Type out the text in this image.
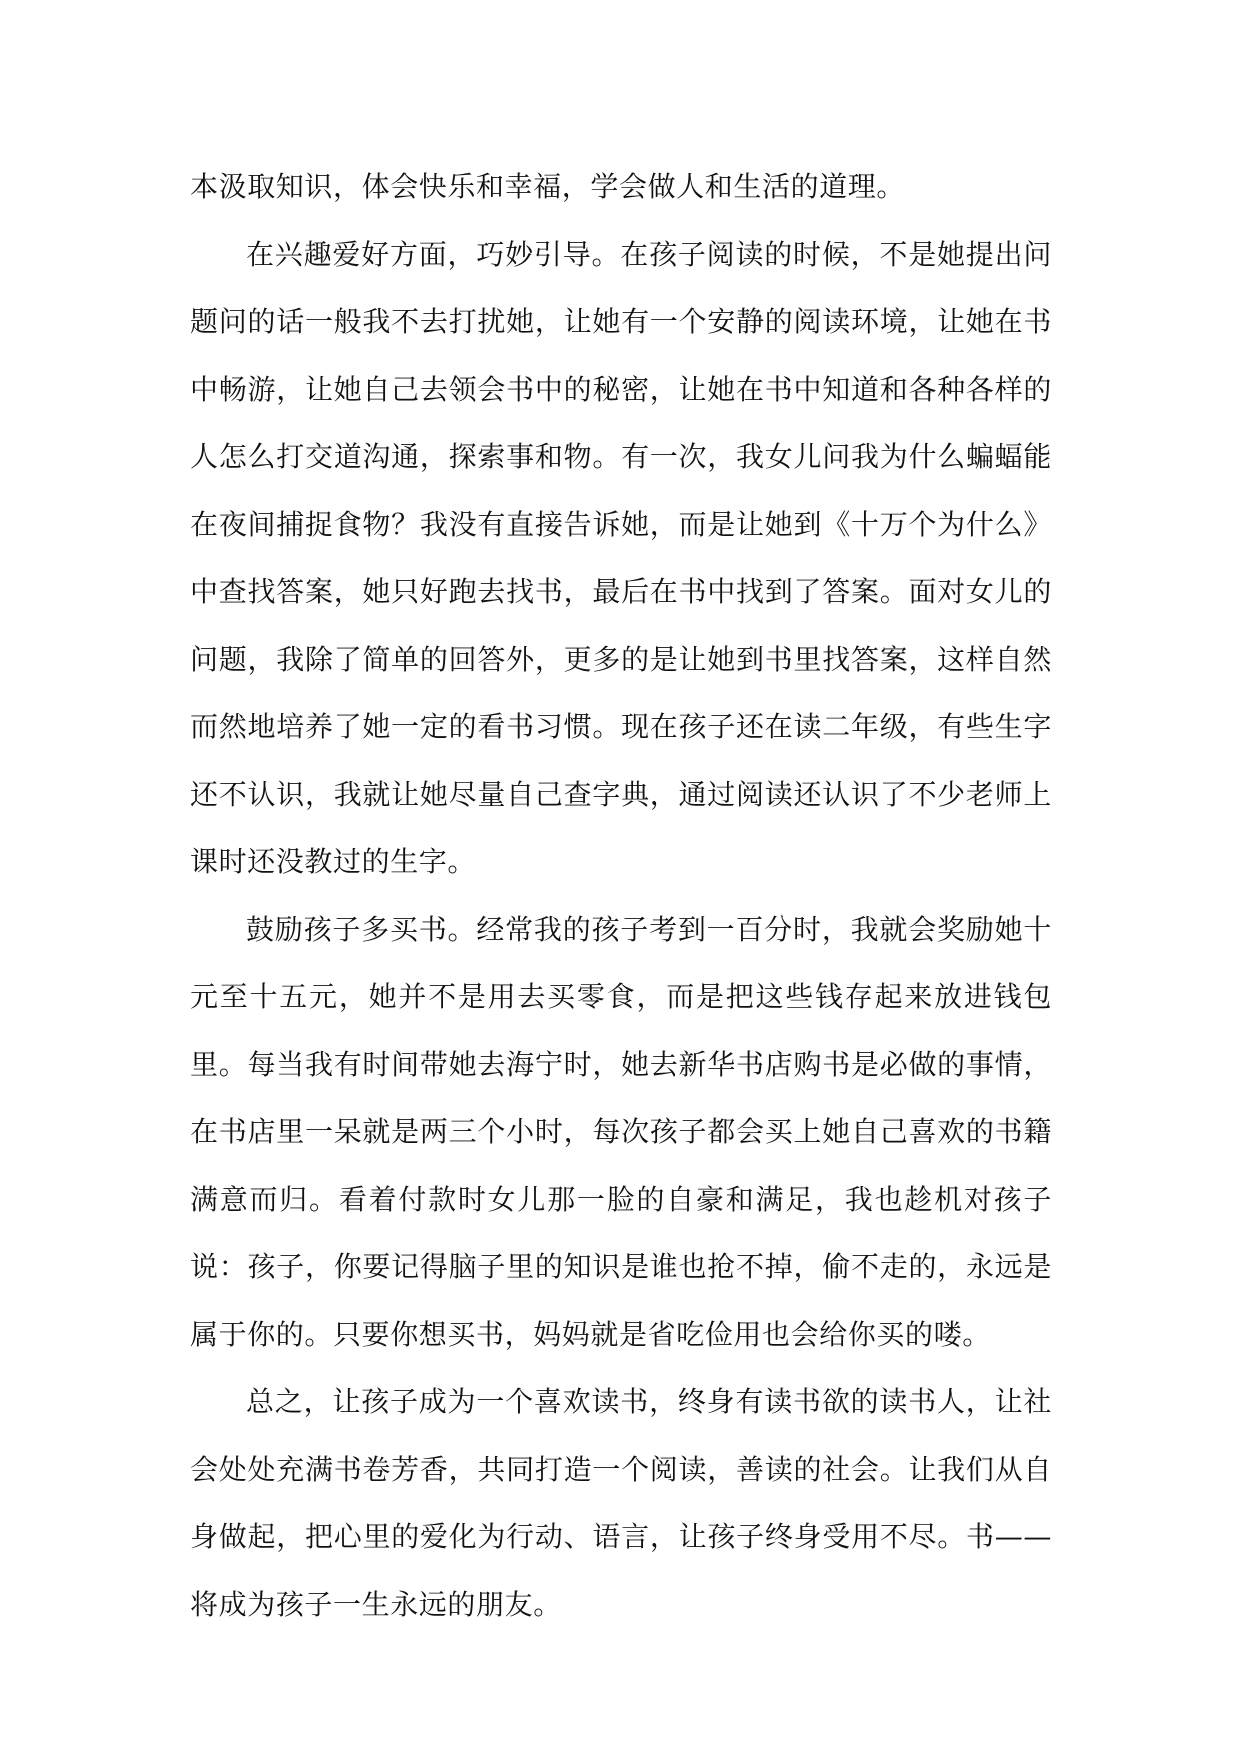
本汲取知识，体会快乐和幸福，学会做人和生活的道理。

在兴趣爱好方面，巧妙引导。在孩子阅读的时候，不是她提出问题问的话一般我不去打扰她，让她有一个安静的阅读环境，让她在书中畅游，让她自己去领会书中的秘密，让她在书中知道和各种各样的人怎么打交道沟通，探索事和物。有一次，我女儿问我为什么蝙蝠能在夜间捕捉食物？我没有直接告诉她，而是让她到《十万个为什么》中查找答案，她只好跑去找书，最后在书中找到了答案。面对女儿的问题，我除了简单的回答外，更多的是让她到书里找答案，这样自然而然地培养了她一定的看书习惯。现在孩子还在读二年级，有些生字还不认识，我就让她尽量自己查字典，通过阅读还认识了不少老师上课时还没教过的生字。

鼓励孩子多买书。经常我的孩子考到一百分时，我就会奖励她十元至十五元，她并不是用去买零食，而是把这些钱存起来放进钱包里。每当我有时间带她去海宁时，她去新华书店购书是必做的事情，在书店里一呆就是两三个小时，每次孩子都会买上她自己喜欢的书籍满意而归。看着付款时女儿那一脸的自豪和满足，我也趁机对孩子说：孩子，你要记得脑子里的知识是谁也抢不掉，偷不走的，永远是属于你的。只要你想买书，妈妈就是省吃俭用也会给你买的喽。

总之，让孩子成为一个喜欢读书，终身有读书欲的读书人，让社会处处充满书卷芳香，共同打造一个阅读，善读的社会。让我们从自身做起，把心里的爱化为行动、语言，让孩子终身受用不尽。书——将成为孩子一生永远的朋友。
